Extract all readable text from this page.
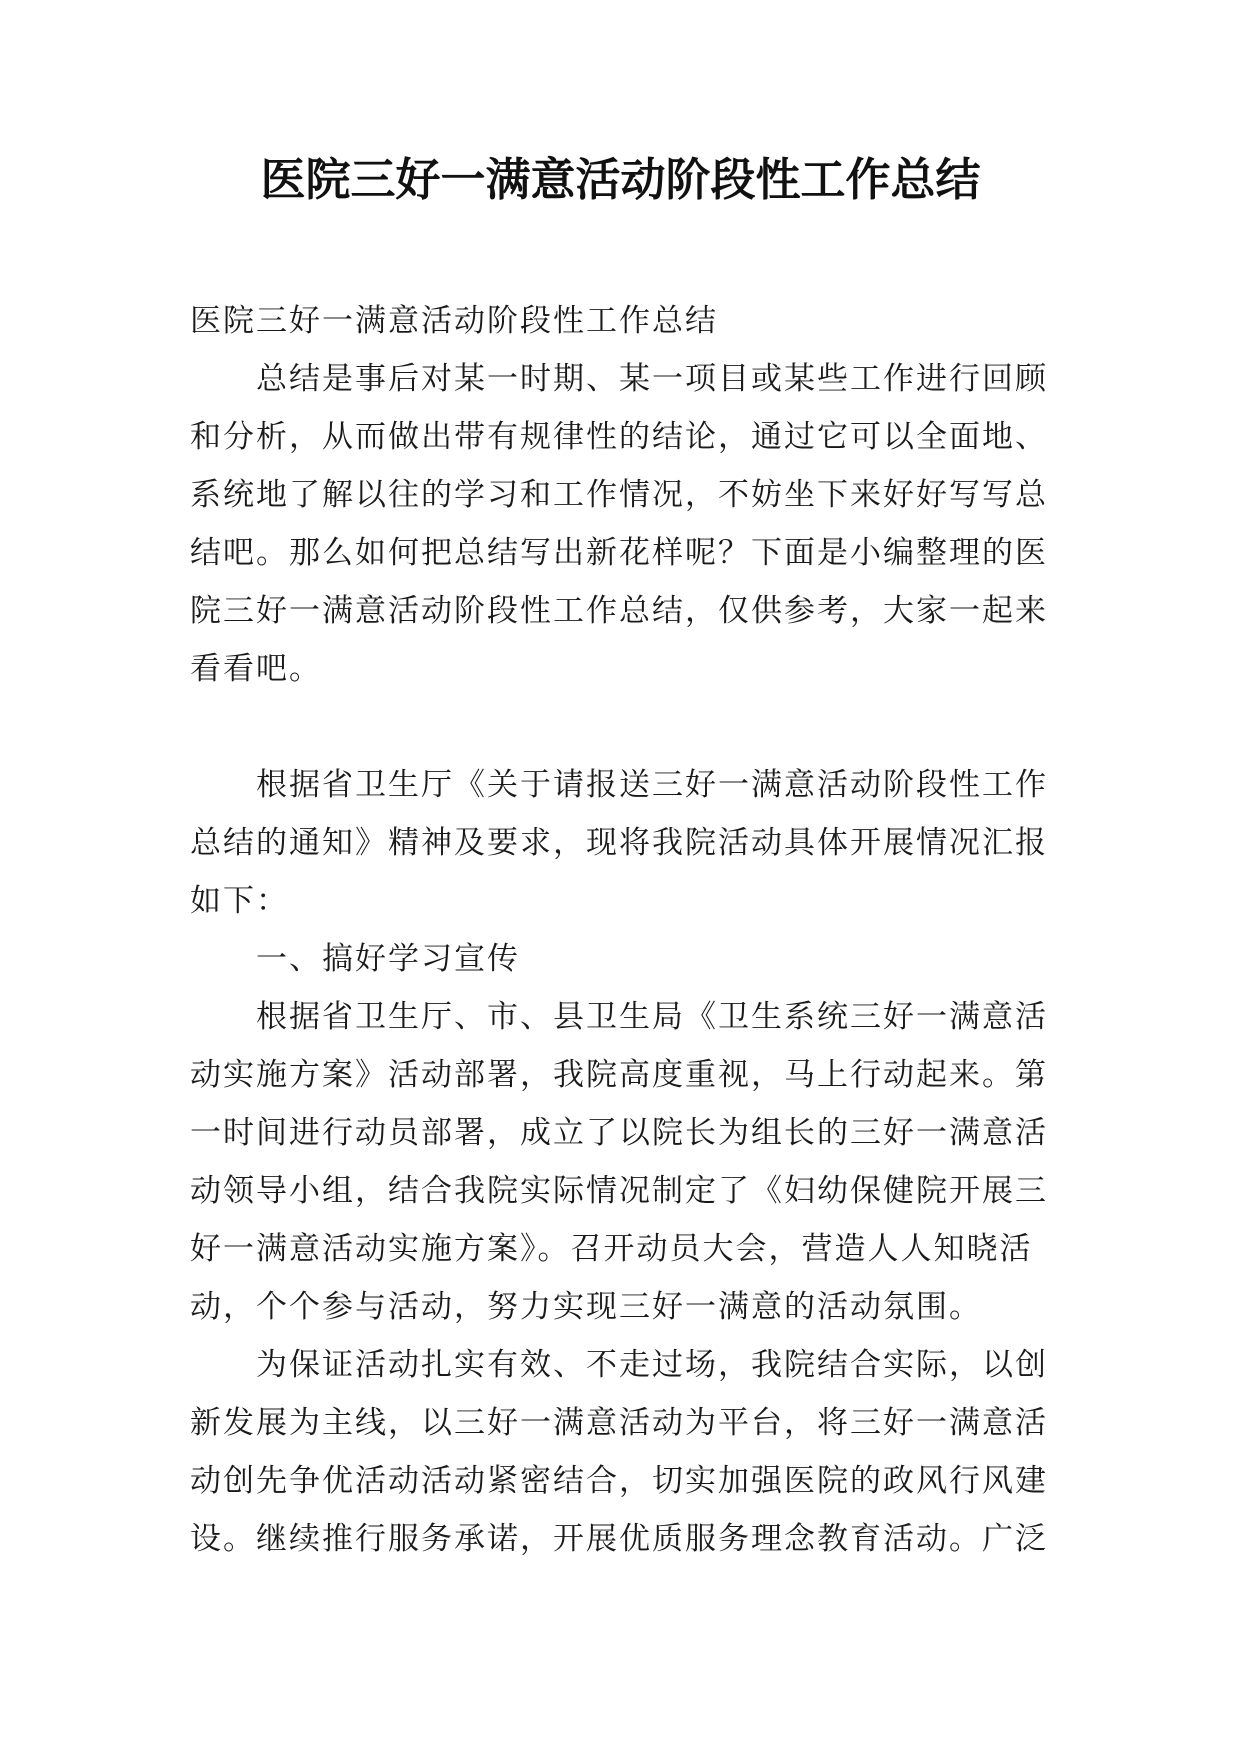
医院三好一满意活动阶段性工作总结

医院三好一满意活动阶段性工作总结

　　总结是事后对某一时期、某一项目或某些工作进行回顾

和分析，从而做出带有规律性的结论，通过它可以全面地、

系统地了解以往的学习和工作情况，不妨坐下来好好写写总

结吧。那么如何把总结写出新花样呢？下面是小编整理的医

院三好一满意活动阶段性工作总结，仅供参考，大家一起来

看看吧。

　　根据省卫生厅《关于请报送三好一满意活动阶段性工作

总结的通知》精神及要求，现将我院活动具体开展情况汇报

如下：

　　一、搞好学习宣传

　　根据省卫生厅、市、县卫生局《卫生系统三好一满意活

动实施方案》活动部署，我院高度重视，马上行动起来。第

一时间进行动员部署，成立了以院长为组长的三好一满意活

动领导小组，结合我院实际情况制定了《妇幼保健院开展三

好一满意活动实施方案》。召开动员大会，营造人人知晓活

动，个个参与活动，努力实现三好一满意的活动氛围。

　　为保证活动扎实有效、不走过场，我院结合实际，以创

新发展为主线，以三好一满意活动为平台，将三好一满意活

动创先争优活动活动紧密结合，切实加强医院的政风行风建

设。继续推行服务承诺，开展优质服务理念教育活动。广泛
